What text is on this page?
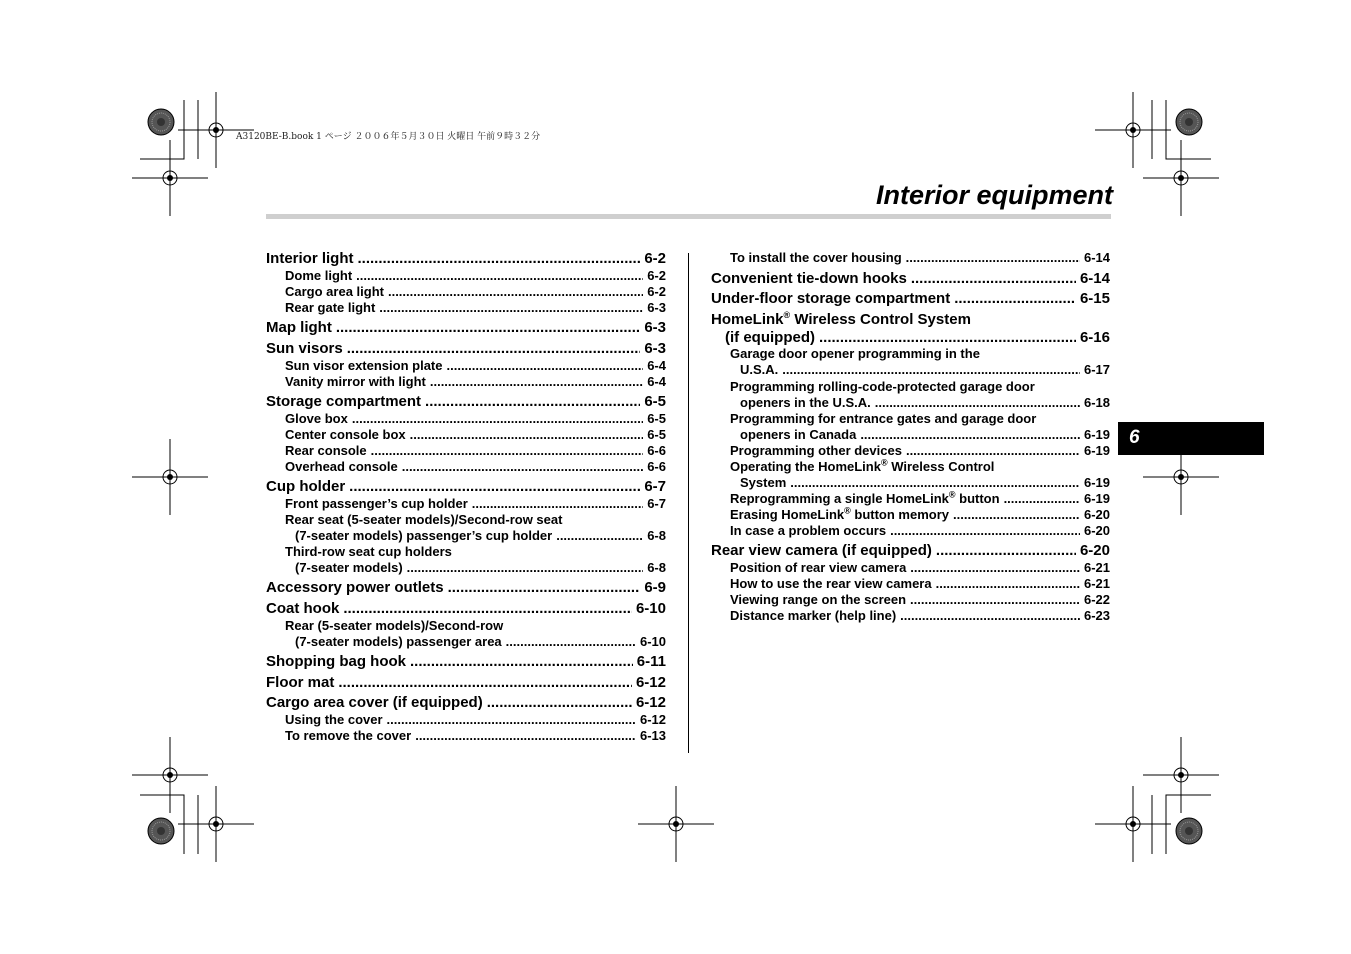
A3120BE-B.book 1 ページ ２００６年５月３０日 火曜日 午前９時３２分
Interior equipment
6
Interior light .....	6-2
Dome light .....	6-2
Cargo area light .....	6-2
Rear gate light .....	6-3
Map light .....	6-3
Sun visors .....	6-3
Sun visor extension plate .....	6-4
Vanity mirror with light .....	6-4
Storage compartment .....	6-5
Glove box .....	6-5
Center console box .....	6-5
Rear console .....	6-6
Overhead console .....	6-6
Cup holder .....	6-7
Front passenger’s cup holder .....	6-7
Rear seat (5-seater models)/Second-row seat
(7-seater models) passenger’s cup holder .....	6-8
Third-row seat cup holders
(7-seater models) .....	6-8
Accessory power outlets .....	6-9
Coat hook .....	6-10
Rear (5-seater models)/Second-row
(7-seater models) passenger area .....	6-10
Shopping bag hook .....	6-11
Floor mat .....	6-12
Cargo area cover (if equipped) .....	6-12
Using the cover .....	6-12
To remove the cover .....	6-13
To install the cover housing .....	6-14
Convenient tie-down hooks .....	6-14
Under-floor storage compartment .....	6-15
HomeLink® Wireless Control System
(if equipped) .....	6-16
Garage door opener programming in the
U.S.A. .....	6-17
Programming rolling-code-protected garage door
openers in the U.S.A. .....	6-18
Programming for entrance gates and garage door
openers in Canada .....	6-19
Programming other devices .....	6-19
Operating the HomeLink® Wireless Control
System .....	6-19
Reprogramming a single HomeLink® button .....	6-19
Erasing HomeLink® button memory .....	6-20
In case a problem occurs .....	6-20
Rear view camera (if equipped) .....	6-20
Position of rear view camera .....	6-21
How to use the rear view camera .....	6-21
Viewing range on the screen .....	6-22
Distance marker (help line) .....	6-23
